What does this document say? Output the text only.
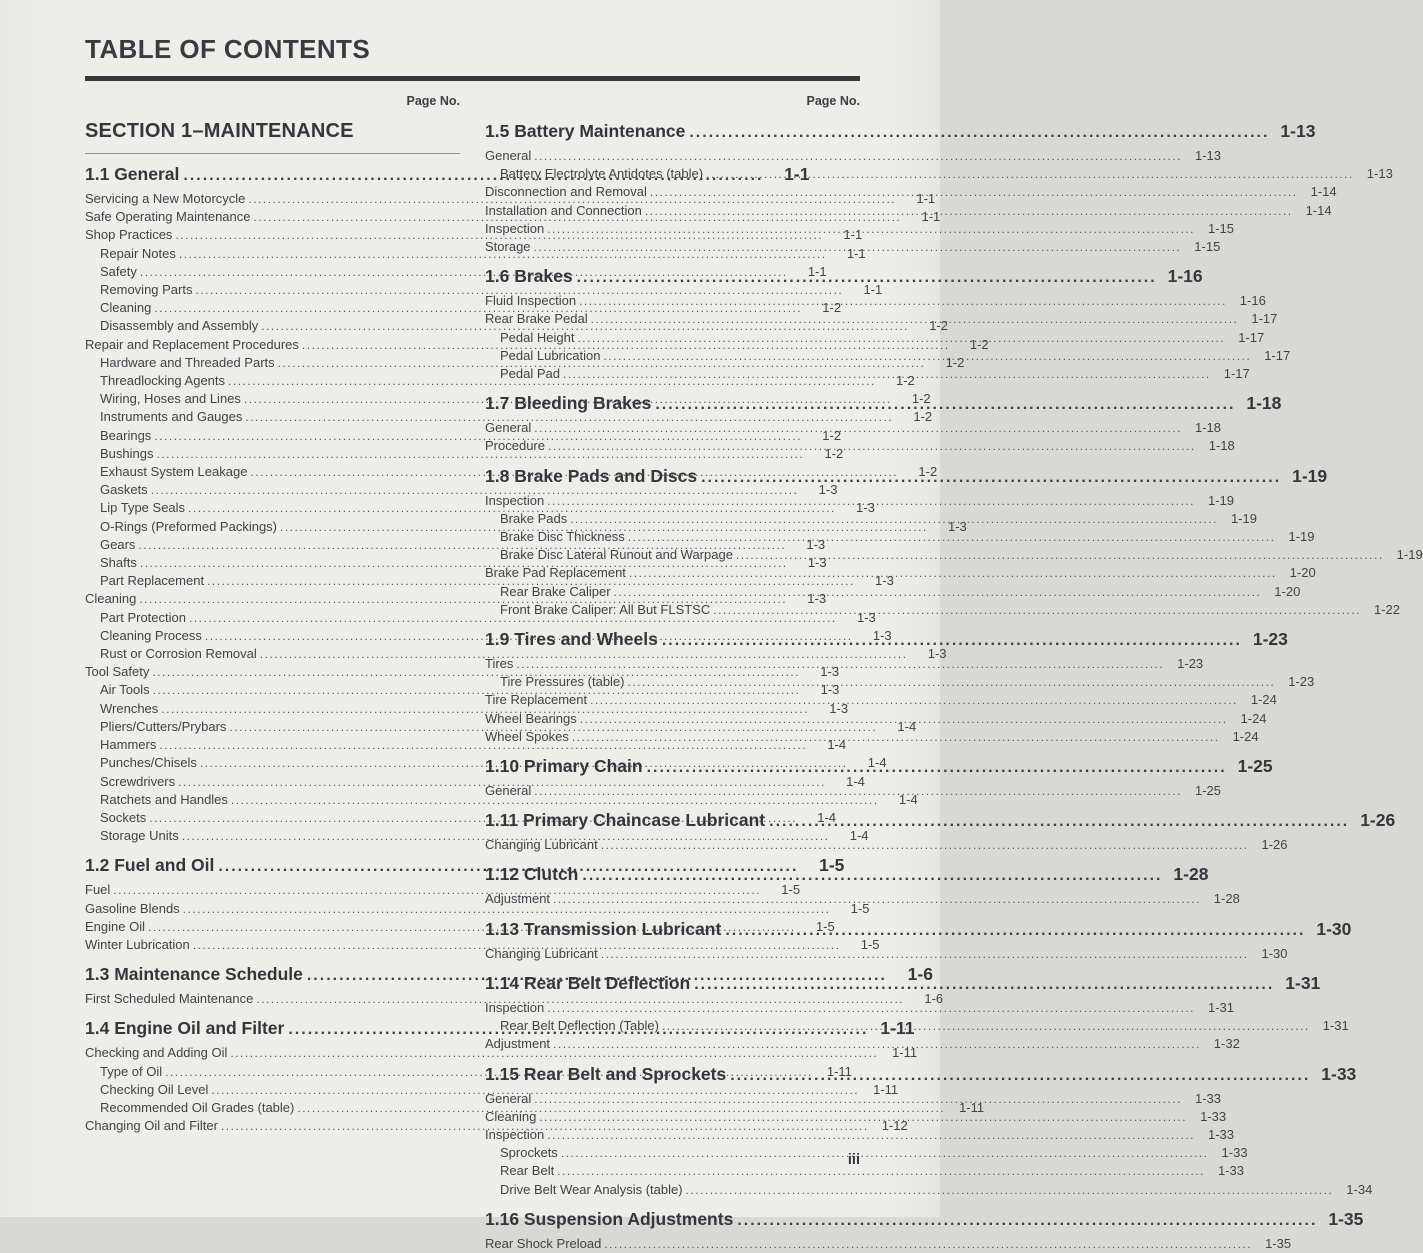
TABLE OF CONTENTS
Page No.
SECTION 1–MAINTENANCE
1.1 General .....	1-1
Servicing a New Motorcycle .....	1-1
Safe Operating Maintenance .....	1-1
Shop Practices .....	1-1
Repair Notes .....	1-1
Safety .....	1-1
Removing Parts .....	1-1
Cleaning .....	1-2
Disassembly and Assembly .....	1-2
Repair and Replacement Procedures .....	1-2
Hardware and Threaded Parts .....	1-2
Threadlocking Agents .....	1-2
Wiring, Hoses and Lines .....	1-2
Instruments and Gauges .....	1-2
Bearings .....	1-2
Bushings .....	1-2
Exhaust System Leakage .....	1-2
Gaskets .....	1-3
Lip Type Seals .....	1-3
O-Rings (Preformed Packings) .....	1-3
Gears .....	1-3
Shafts .....	1-3
Part Replacement .....	1-3
Cleaning .....	1-3
Part Protection .....	1-3
Cleaning Process .....	1-3
Rust or Corrosion Removal .....	1-3
Tool Safety .....	1-3
Air Tools .....	1-3
Wrenches .....	1-3
Pliers/Cutters/Prybars .....	1-4
Hammers .....	1-4
Punches/Chisels .....	1-4
Screwdrivers .....	1-4
Ratchets and Handles .....	1-4
Sockets .....	1-4
Storage Units .....	1-4
1.2 Fuel and Oil .....	1-5
Fuel .....	1-5
Gasoline Blends .....	1-5
Engine Oil .....	1-5
Winter Lubrication .....	1-5
1.3 Maintenance Schedule .....	1-6
First Scheduled Maintenance .....	1-6
1.4 Engine Oil and Filter .....	1-11
Checking and Adding Oil .....	1-11
Type of Oil .....	1-11
Checking Oil Level .....	1-11
Recommended Oil Grades (table) .....	1-11
Changing Oil and Filter .....	1-12
Page No.
1.5 Battery Maintenance .....	1-13
General .....	1-13
Battery Electrolyte Antidotes (table) .....	1-13
Disconnection and Removal .....	1-14
Installation and Connection .....	1-14
Inspection .....	1-15
Storage .....	1-15
1.6 Brakes .....	1-16
Fluid Inspection .....	1-16
Rear Brake Pedal .....	1-17
Pedal Height .....	1-17
Pedal Lubrication .....	1-17
Pedal Pad .....	1-17
1.7 Bleeding Brakes .....	1-18
General .....	1-18
Procedure .....	1-18
1.8 Brake Pads and Discs .....	1-19
Inspection .....	1-19
Brake Pads .....	1-19
Brake Disc Thickness .....	1-19
Brake Disc Lateral Runout and Warpage .....	1-19
Brake Pad Replacement .....	1-20
Rear Brake Caliper .....	1-20
Front Brake Caliper: All But FLSTSC .....	1-22
1.9 Tires and Wheels .....	1-23
Tires .....	1-23
Tire Pressures (table) .....	1-23
Tire Replacement .....	1-24
Wheel Bearings .....	1-24
Wheel Spokes .....	1-24
1.10 Primary Chain .....	1-25
General .....	1-25
1.11 Primary Chaincase Lubricant .....	1-26
Changing Lubricant .....	1-26
1.12 Clutch .....	1-28
Adjustment .....	1-28
1.13 Transmission Lubricant .....	1-30
Changing Lubricant .....	1-30
1.14 Rear Belt Deflection .....	1-31
Inspection .....	1-31
Rear Belt Deflection (Table) .....	1-31
Adjustment .....	1-32
1.15 Rear Belt and Sprockets .....	1-33
General .....	1-33
Cleaning .....	1-33
Inspection .....	1-33
Sprockets .....	1-33
Rear Belt .....	1-33
Drive Belt Wear Analysis (table) .....	1-34
1.16 Suspension Adjustments .....	1-35
Rear Shock Preload .....	1-35
iii
